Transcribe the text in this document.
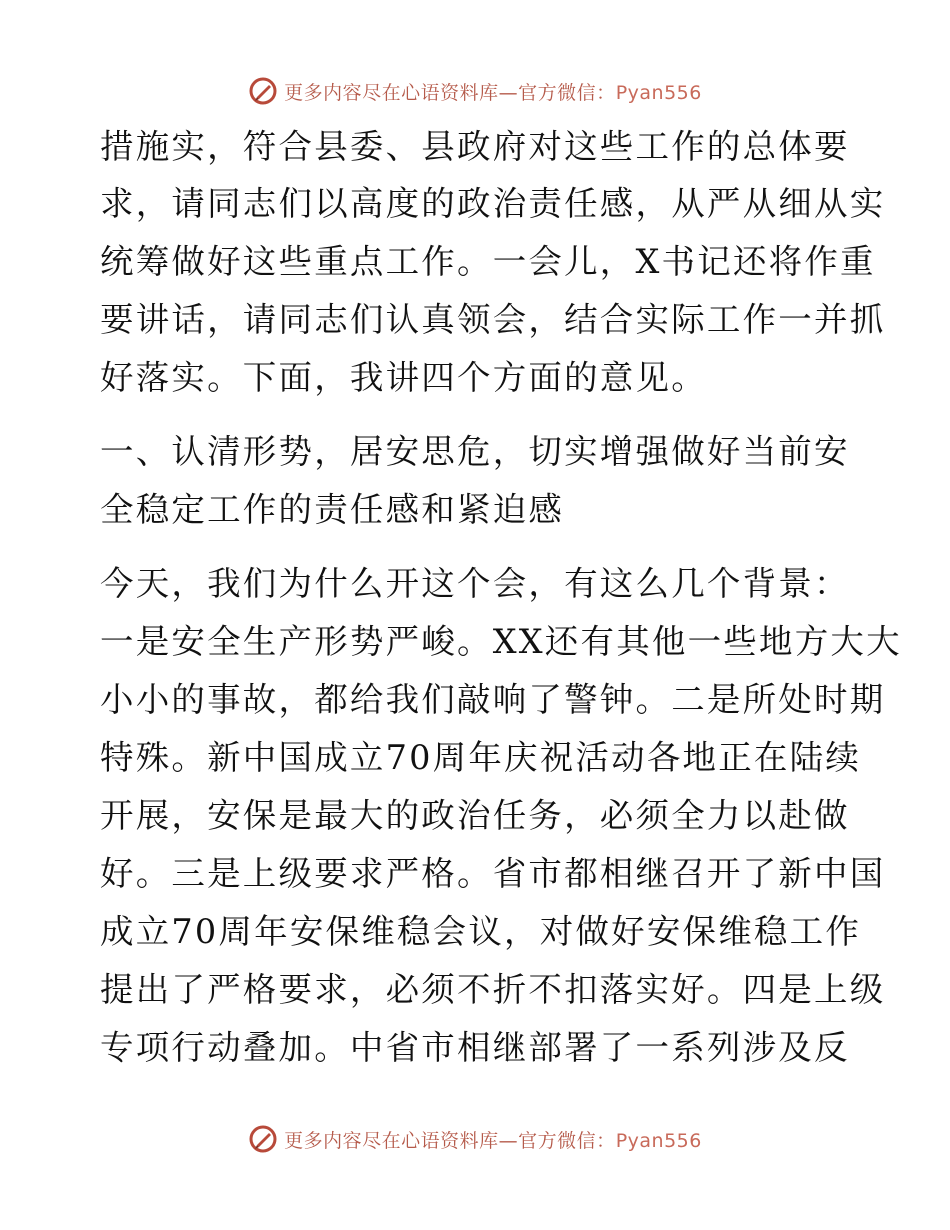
更多内容尽在心语资料库—官方微信：Pyan556
措施实，符合县委、县政府对这些工作的总体要
求，请同志们以高度的政治责任感，从严从细从实
统筹做好这些重点工作。一会儿，X书记还将作重
要讲话，请同志们认真领会，结合实际工作一并抓
好落实。下面，我讲四个方面的意见。
一、认清形势，居安思危，切实增强做好当前安
全稳定工作的责任感和紧迫感
今天，我们为什么开这个会，有这么几个背景：
一是安全生产形势严峻。XX还有其他一些地方大大
小小的事故，都给我们敲响了警钟。二是所处时期
特殊。新中国成立70周年庆祝活动各地正在陆续
开展，安保是最大的政治任务，必须全力以赴做
好。三是上级要求严格。省市都相继召开了新中国
成立70周年安保维稳会议，对做好安保维稳工作
提出了严格要求，必须不折不扣落实好。四是上级
专项行动叠加。中省市相继部署了一系列涉及反
更多内容尽在心语资料库—官方微信：Pyan556
